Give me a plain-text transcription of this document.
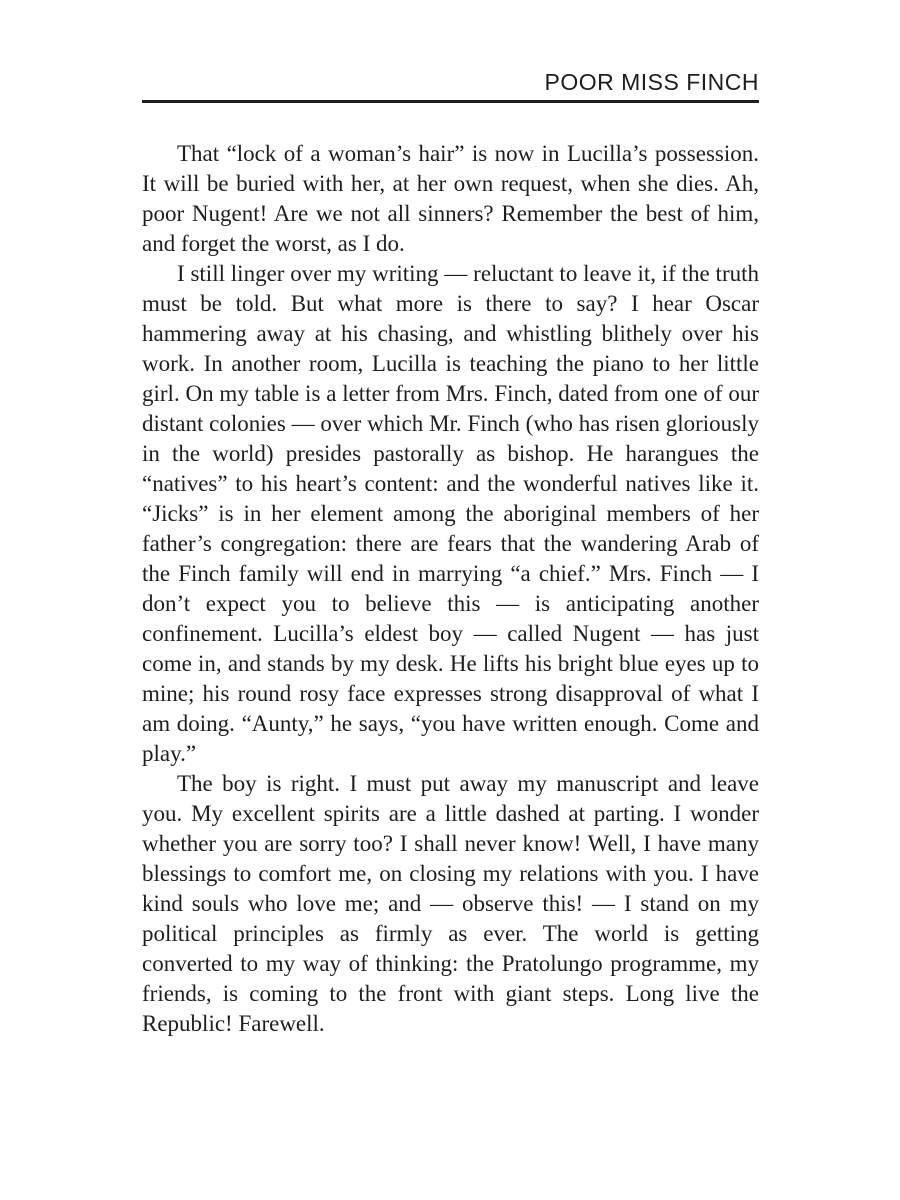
POOR MISS FINCH

That “lock of a woman’s hair” is now in Lucilla’s possession. It will be buried with her, at her own request, when she dies. Ah, poor Nugent! Are we not all sinners? Remember the best of him, and forget the worst, as I do.

I still linger over my writing — reluctant to leave it, if the truth must be told. But what more is there to say? I hear Oscar hammering away at his chasing, and whistling blithely over his work. In another room, Lucilla is teaching the piano to her little girl. On my table is a letter from Mrs. Finch, dated from one of our distant colonies — over which Mr. Finch (who has risen gloriously in the world) presides pastorally as bishop. He harangues the “natives” to his heart’s content: and the wonderful natives like it. “Jicks” is in her element among the aboriginal members of her father’s congregation: there are fears that the wandering Arab of the Finch family will end in marrying “a chief.” Mrs. Finch — I don’t expect you to believe this — is anticipating another confinement. Lucilla’s eldest boy — called Nugent — has just come in, and stands by my desk. He lifts his bright blue eyes up to mine; his round rosy face expresses strong disapproval of what I am doing. “Aunty,” he says, “you have written enough. Come and play.”

The boy is right. I must put away my manuscript and leave you. My excellent spirits are a little dashed at parting. I wonder whether you are sorry too? I shall never know! Well, I have many blessings to comfort me, on closing my relations with you. I have kind souls who love me; and — observe this! — I stand on my political principles as firmly as ever. The world is getting converted to my way of thinking: the Pratolungo programme, my friends, is coming to the front with giant steps. Long live the Republic! Farewell.
